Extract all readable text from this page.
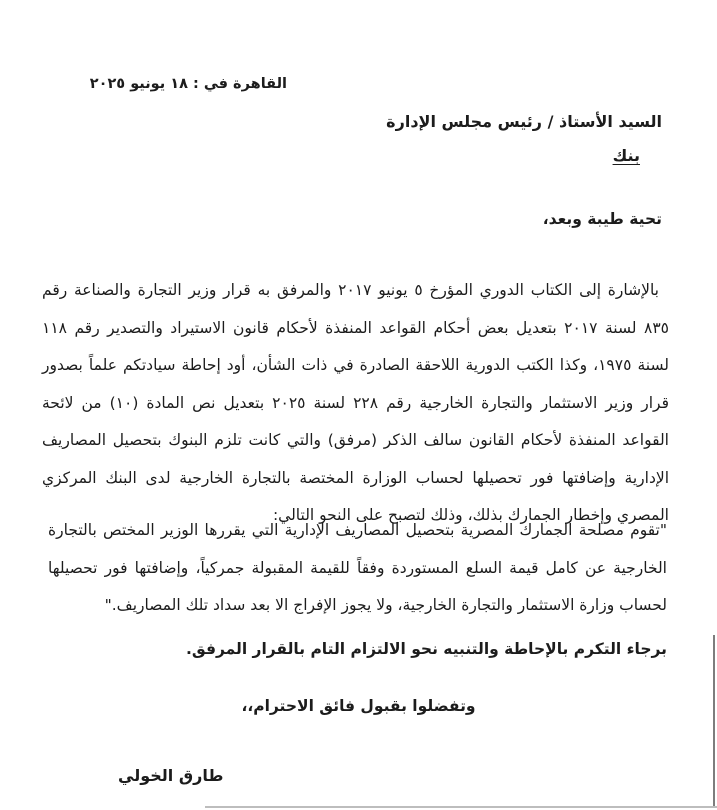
القاهرة في : ١٨ يونيو ٢٠٢٥
السيد الأستاذ / رئيس مجلس الإدارة
بنك
تحية طيبة وبعد،
بالإشارة إلى الكتاب الدوري المؤرخ ٥ يونيو ٢٠١٧ والمرفق به قرار وزير التجارة والصناعة رقم ٨٣٥ لسنة ٢٠١٧ بتعديل بعض أحكام القواعد المنفذة لأحكام قانون الاستيراد والتصدير رقم ١١٨ لسنة ١٩٧٥، وكذا الكتب الدورية اللاحقة الصادرة في ذات الشأن، أود إحاطة سيادتكم علماً بصدور قرار وزير الاستثمار والتجارة الخارجية رقم ٢٢٨ لسنة ٢٠٢٥ بتعديل نص المادة (١٠) من لائحة القواعد المنفذة لأحكام القانون سالف الذكر (مرفق) والتي كانت تلزم البنوك بتحصيل المصاريف الإدارية وإضافتها فور تحصيلها لحساب الوزارة المختصة بالتجارة الخارجية لدى البنك المركزي المصري وإخطار الجمارك بذلك، وذلك لتصبح على النحو التالي:
"تقوم مصلحة الجمارك المصرية بتحصيل المصاريف الإدارية التي يقررها الوزير المختص بالتجارة الخارجية عن كامل قيمة السلع المستوردة وفقاً للقيمة المقبولة جمركياً، وإضافتها فور تحصيلها لحساب وزارة الاستثمار والتجارة الخارجية، ولا يجوز الإفراج الا بعد سداد تلك المصاريف."
برجاء التكرم بالإحاطة والتنبيه نحو الالتزام التام بالقرار المرفق.
وتفضلوا بقبول فائق الاحترام،،
طارق الخولي
